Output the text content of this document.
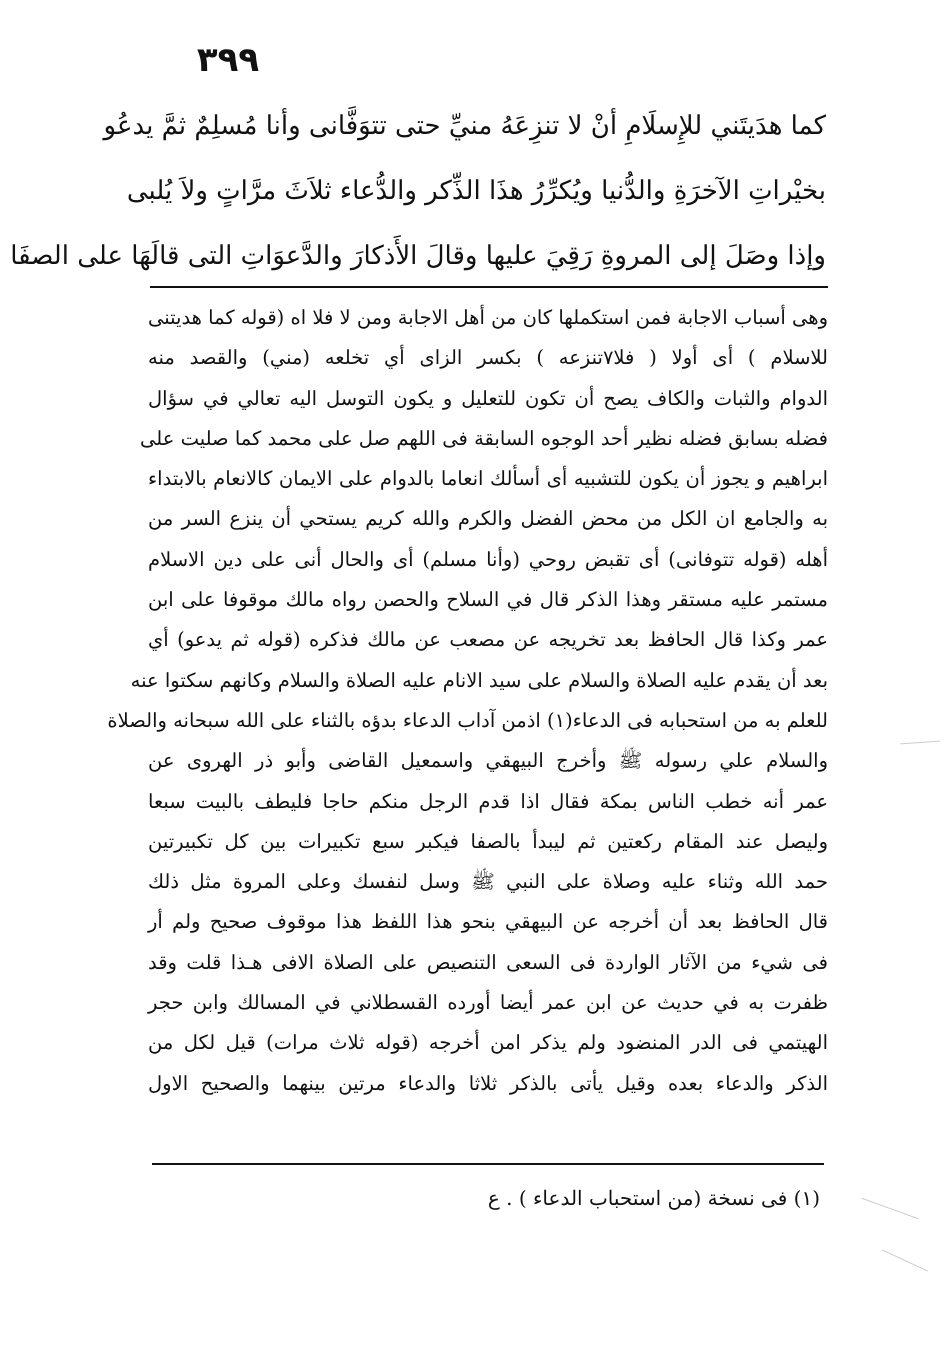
٣٩٩
كما هدَيتَني للإِسلَامِ أنْ لا تنزِعَهُ منيِّ حتى تتوَفَّانى وأنا مُسلِمٌ ثمَّ يدعُو
بخيْراتِ الآخرَةِ والدُّنيا ويُكرِّرُ هذَا الذِّكر والدُّعاء ثلاَثَ مرَّاتٍ ولاَ يُلبى
وإذا وصَلَ إلى المروةِ رَقِيَ عليها وقالَ الأَذكارَ والدَّعوَاتِ التى قالَهَا على الصفَا
وهى أسباب الاجابة فمن استكملها كان من أهل الاجابة ومن لا فلا اه (قوله كما هديتنى
للاسلام ) أى أولا ( فلا٧تنزعه ) بكسر الزاى أي تخلعه (مني) والقصد منه
الدوام والثبات والكاف يصح أن تكون للتعليل و يكون التوسل اليه تعالي في سؤال
فضله بسابق فضله نظير أحد الوجوه السابقة فى اللهم صل على محمد كما صليت على
ابراهيم و يجوز أن يكون للتشبيه أى أسألك انعاما بالدوام على الايمان كالانعام بالابتداء
به والجامع ان الكل من محض الفضل والكرم والله كريم يستحي أن ينزع السر من
أهله (قوله تتوفانى) أى تقبض روحي (وأنا مسلم) أى والحال أنى على دين الاسلام
مستمر عليه مستقر وهذا الذكر قال في السلاح والحصن رواه مالك موقوفا على ابن
عمر وكذا قال الحافظ بعد تخريجه عن مصعب عن مالك فذكره (قوله ثم يدعو) أي
بعد أن يقدم عليه الصلاة والسلام على سيد الانام عليه الصلاة والسلام وكانهم سكتوا عنه
للعلم به من استحبابه فى الدعاء(١) اذمن آداب الدعاء بدؤه بالثناء على الله سبحانه والصلاة
والسلام علي رسوله ﷺ وأخرج البيهقي واسمعيل القاضى وأبو ذر الهروى عن
عمر أنه خطب الناس بمكة فقال اذا قدم الرجل منكم حاجا فليطف بالبيت سبعا
وليصل عند المقام ركعتين ثم ليبدأ بالصفا فيكبر سبع تكبيرات بين كل تكبيرتين
حمد الله وثناء عليه وصلاة على النبي ﷺ وسل لنفسك وعلى المروة مثل ذلك
قال الحافظ بعد أن أخرجه عن البيهقي بنحو هذا اللفظ هذا موقوف صحيح ولم أر
فى شيء من الآثار الواردة فى السعى التنصيص على الصلاة الافى هـذا قلت وقد
ظفرت به في حديث عن ابن عمر أيضا أورده القسطلاني في المسالك وابن حجر
الهيتمي فى الدر المنضود ولم يذكر امن أخرجه (قوله ثلاث مرات) قيل لكل من
الذكر والدعاء بعده وقيل يأتى بالذكر ثلاثا والدعاء مرتين بينهما والصحيح الاول
(١) فى نسخة (من استحباب الدعاء ) . ع
